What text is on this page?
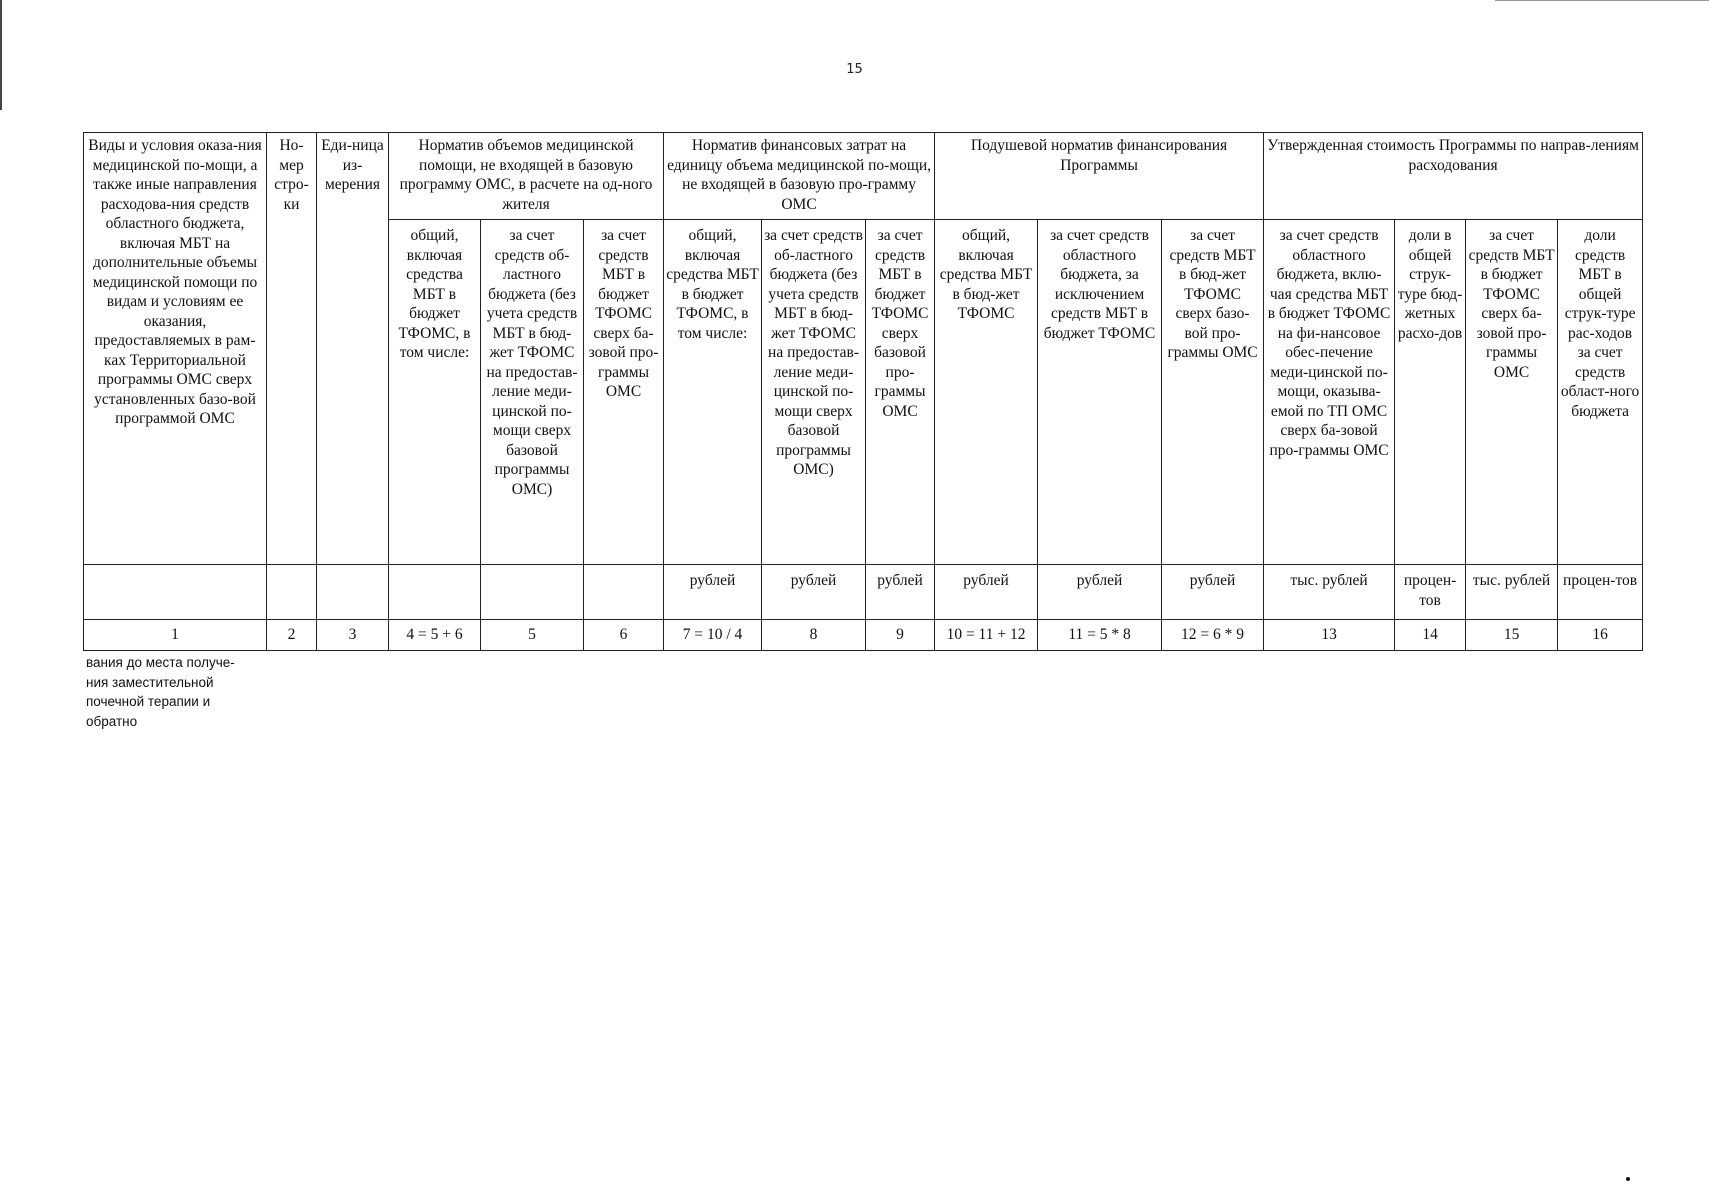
15
Виды и условия оказа-ния медицинской по-мощи, а также иные направления расходова-ния средств областного бюджета, включая МБТ на дополнительные объемы медицинской помощи по видам и условиям ее оказания, предоставляемых в рам-ках Территориальной программы ОМС сверх установленных базо-вой программой ОМС	Но-мер стро-ки	Еди-ница из-мерения	Норматив объемов медицинской помощи, не входящей в базовую программу ОМС, в расчете на од-ного жителя			Норматив финансовых затрат на единицу объема медицинской по-мощи, не входящей в базовую про-грамму ОМС			Подушевой норматив финансирования Программы			Утвержденная стоимость Программы по направ-лениям расходования			
			общий, включая средства МБТ в бюджет ТФОМС, в том числе:	за счет средств об-ластного бюджета (без учета средств МБТ в бюд-жет ТФОМС на предостав-ление меди-цинской по-мощи сверх базовой программы ОМС)	за счет средств МБТ в бюджет ТФОМС сверх ба-зовой про-граммы ОМС	общий, включая средства МБТ в бюджет ТФОМС, в том числе:	за счет средств об-ластного бюджета (без учета средств МБТ в бюд-жет ТФОМС на предостав-ление меди-цинской по-мощи сверх базовой программы ОМС)	за счет средств МБТ в бюджет ТФОМС сверх базовой про-граммы ОМС	общий, включая средства МБТ в бюд-жет ТФОМС	за счет средств областного бюджета, за исключением средств МБТ в бюджет ТФОМС	за счет средств МБТ в бюд-жет ТФОМС сверх базо-вой про-граммы ОМС	за счет средств областного бюджета, вклю-чая средства МБТ в бюджет ТФОМС на фи-нансовое обес-печение меди-цинской по-мощи, оказыва-емой по ТП ОМС сверх ба-зовой про-граммы ОМС	доли в общей струк-туре бюд-жетных расхо-дов	за счет средств МБТ в бюджет ТФОМС сверх ба-зовой про-граммы ОМС	доли средств МБТ в общей струк-туре рас-ходов за счет средств област-ного бюджета
						рублей	рублей	рублей	рублей	рублей	рублей	тыс. рублей	процен-тов	тыс. рублей	процен-тов
1	2	3	4 = 5 + 6	5	6	7 = 10 / 4	8	9	10 = 11 + 12	11 = 5 * 8	12 = 6 * 9	13	14	15	16
вания до места получе-
ния заместительной
почечной терапии и
обратно
